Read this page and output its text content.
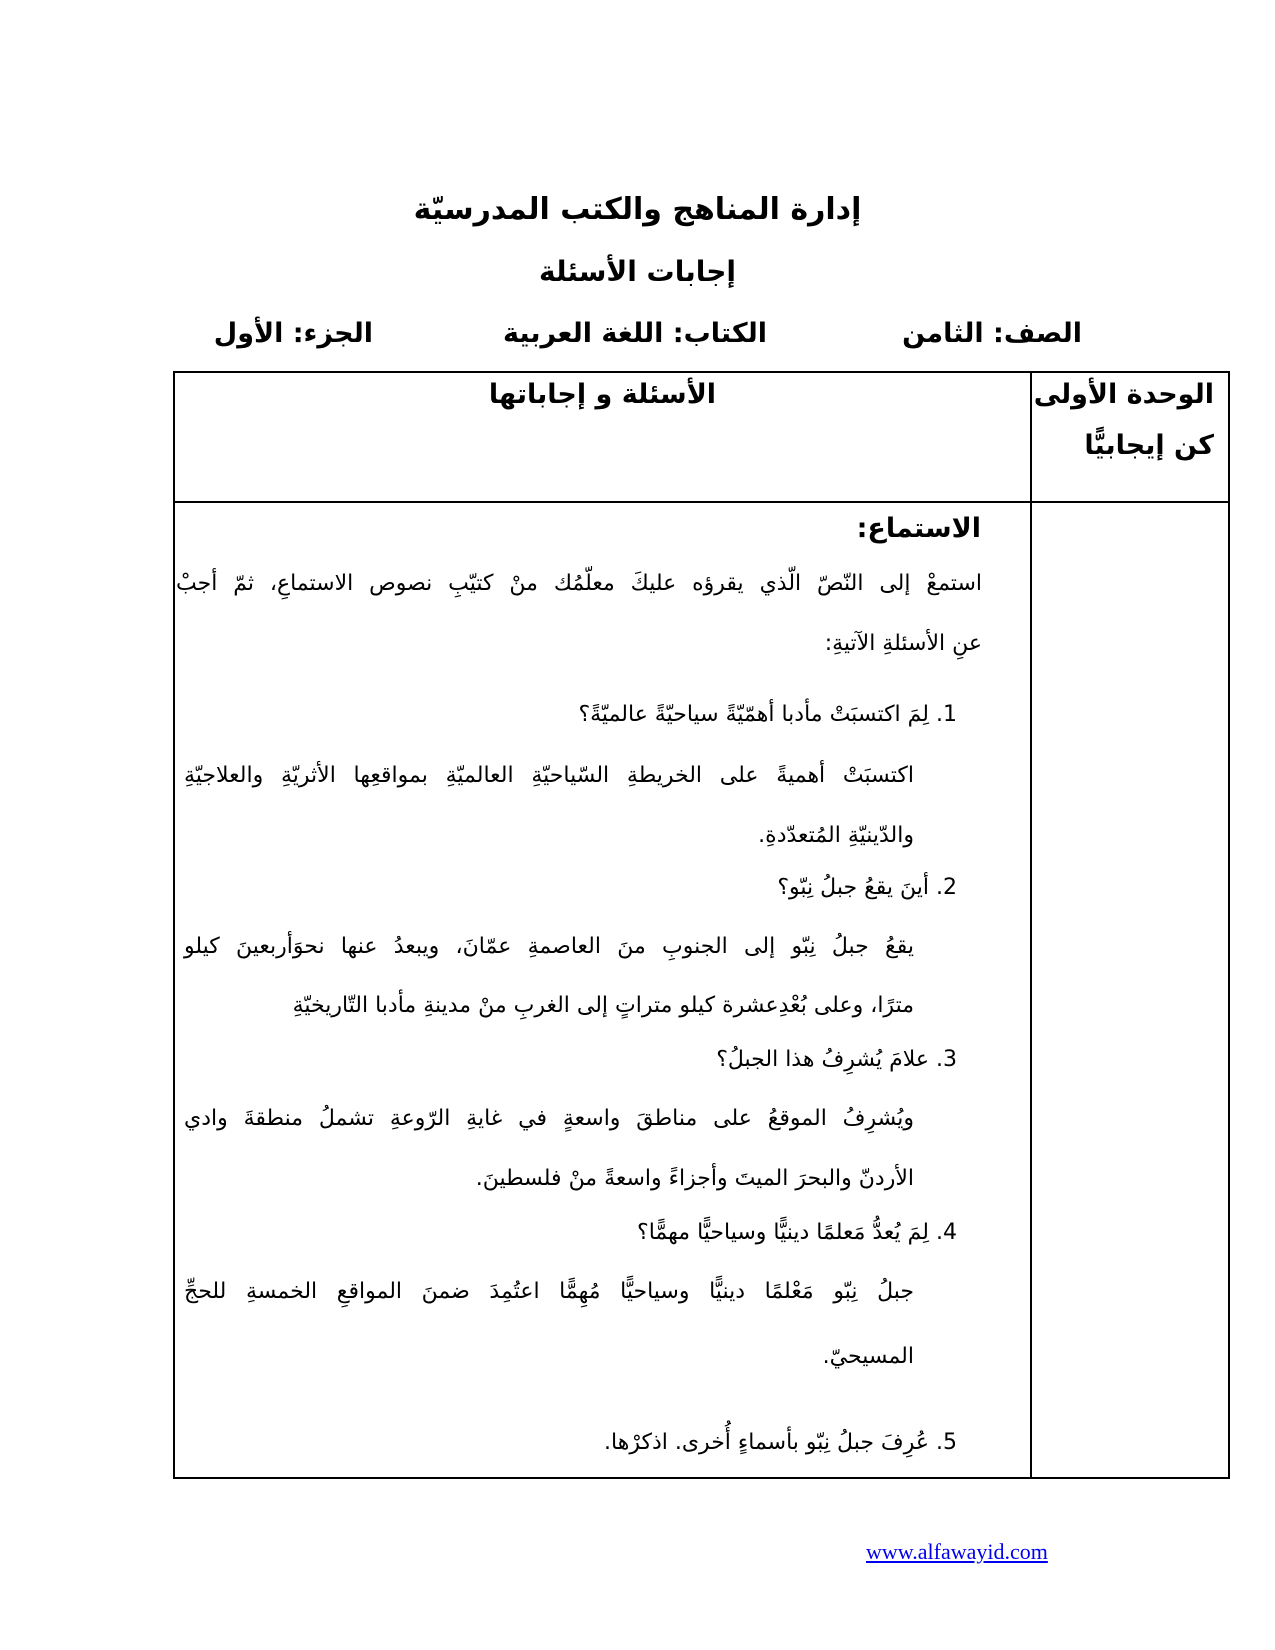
إدارة المناهج والكتب المدرسيّة
إجابات الأسئلة
الصف: الثامن
الكتاب: اللغة العربية
الجزء: الأول
الوحدة الأولى
كن إيجابيًّا	الأسئلة و إجاباتها

الاستماع:
استمعْ إلى النّصّ الّذي يقرؤه عليكَ معلّمُك منْ كتيّبِ نصوص الاستماعِ، ثمّ أجبْ
عنِ الأسئلةِ الآتيةِ:
1. لِمَ اكتسبَتْ مأدبا أهمّيّةً سياحيّةً عالميّةً؟
اكتسبَتْ أهميةً على الخريطةِ السّياحيّةِ العالميّةِ بمواقعِها الأثريّةِ والعلاجيّةِ
والدّينيّةِ المُتعدّدةِ.
2. أينَ يقعُ جبلُ نِبّو؟
يقعُ جبلُ نِبّو إلى الجنوبِ منَ العاصمةِ عمّانَ، ويبعدُ عنها نحوَأربعينَ كيلو
مترًا، وعلى بُعْدِعشرة كيلو متراتٍ إلى الغربِ منْ مدينةِ مأدبا التّاريخيّةِ
3. علامَ يُشرِفُ هذا الجبلُ؟
ويُشرِفُ الموقعُ على مناطقَ واسعةٍ في غايةِ الرّوعةِ تشملُ منطقةَ وادي
الأردنّ والبحرَ الميتَ وأجزاءً واسعةً منْ فلسطينَ.
4. لِمَ يُعدُّ مَعلمًا دينيًّا وسياحيًّا مهمًّا؟
جبلُ نِبّو مَعْلمًا دينيًّا وسياحيًّا مُهِمًّا اعتُمِدَ ضمنَ المواقعِ الخمسةِ للحجِّ
المسيحيّ.
5. عُرِفَ جبلُ نِبّو بأسماءٍ أُخرى. اذكرْها.
www.alfawayid.com
